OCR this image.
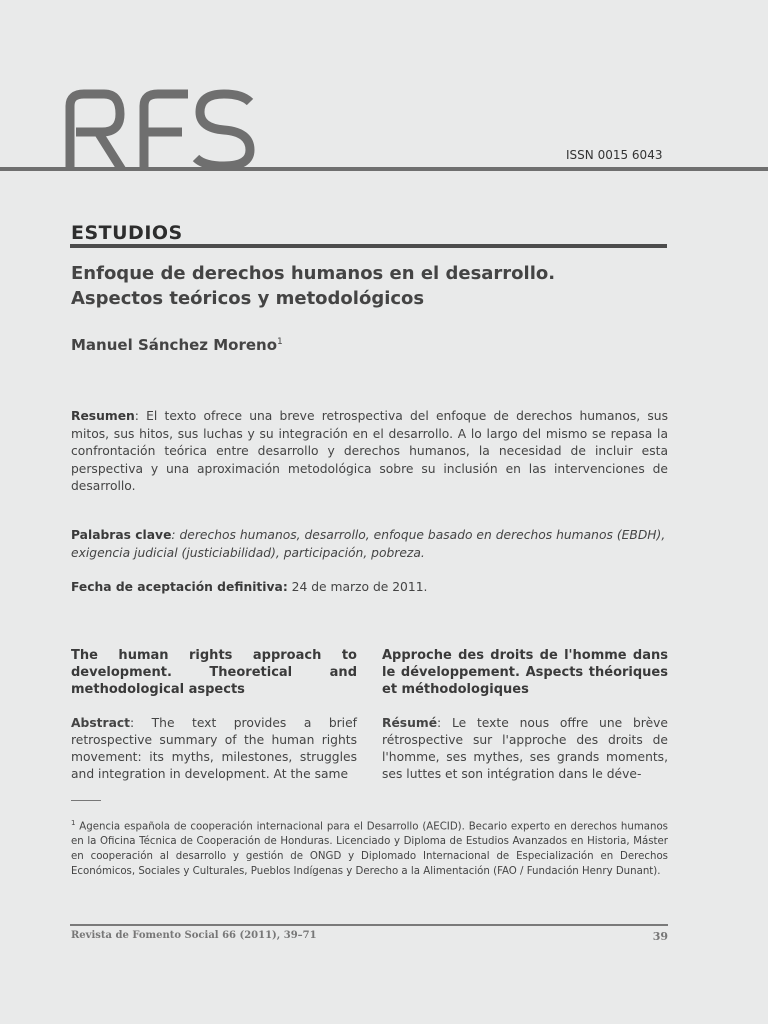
ISSN 0015 6043
ESTUDIOS
Enfoque de derechos humanos en el desarrollo.
Aspectos teóricos y metodológicos
Manuel Sánchez Moreno$^1$
Resumen: El texto ofrece una breve retrospectiva del enfoque de derechos humanos, sus mitos, sus hitos, sus luchas y su integración en el desarrollo. A lo largo del mismo se repasa la confrontación teórica entre desarrollo y derechos humanos, la necesidad de incluir esta perspectiva y una aproximación metodológica sobre su inclusión en las intervenciones de desarrollo.
Palabras clave: derechos humanos, desarrollo, enfoque basado en derechos humanos (EBDH), exigencia judicial (justiciabilidad), participación, pobreza.
Fecha de aceptación definitiva: 24 de marzo de 2011.
The human rights approach to development. Theoretical and methodological aspects

Abstract: The text provides a brief retrospective summary of the human rights movement: its myths, milestones, struggles and integration in development. At the same

Approche des droits de l'homme dans le développement. Aspects théoriques et méthodologiques

Résumé: Le texte nous offre une brève rétrospective sur l'approche des droits de l'homme, ses mythes, ses grands moments, ses luttes et son intégration dans le déve-

$^1$ Agencia española de cooperación internacional para el Desarrollo (AECID). Becario experto en derechos humanos en la Oficina Técnica de Cooperación de Honduras. Licenciado y Diploma de Estudios Avanzados en Historia, Máster en cooperación al desarrollo y gestión de ONGD y Diplomado Internacional de Especialización en Derechos Económicos, Sociales y Culturales, Pueblos Indígenas y Derecho a la Alimentación (FAO / Fundación Henry Dunant).
Revista de Fomento Social 66 (2011), 39–71	39
